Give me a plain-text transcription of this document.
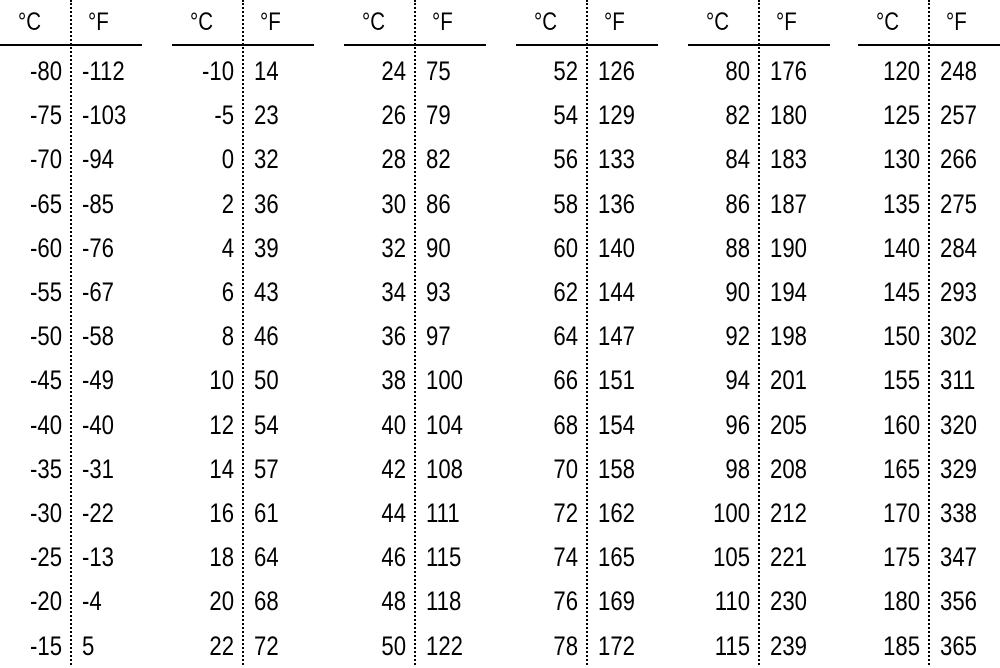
°C °F
-80 -112
-75 -103
-70 -94
-65 -85
-60 -76
-55 -67
-50 -58
-45 -49
-40 -40
-35 -31
-30 -22
-25 -13
-20 -4
-15 5
°C °F
-10 14
-5 23
0 32
2 36
4 39
6 43
8 46
10 50
12 54
14 57
16 61
18 64
20 68
22 72
°C °F
24 75
26 79
28 82
30 86
32 90
34 93
36 97
38 100
40 104
42 108
44 111
46 115
48 118
50 122
°C °F
52 126
54 129
56 133
58 136
60 140
62 144
64 147
66 151
68 154
70 158
72 162
74 165
76 169
78 172
°C °F
80 176
82 180
84 183
86 187
88 190
90 194
92 198
94 201
96 205
98 208
100 212
105 221
110 230
115 239
°C °F
120 248
125 257
130 266
135 275
140 284
145 293
150 302
155 311
160 320
165 329
170 338
175 347
180 356
185 365
